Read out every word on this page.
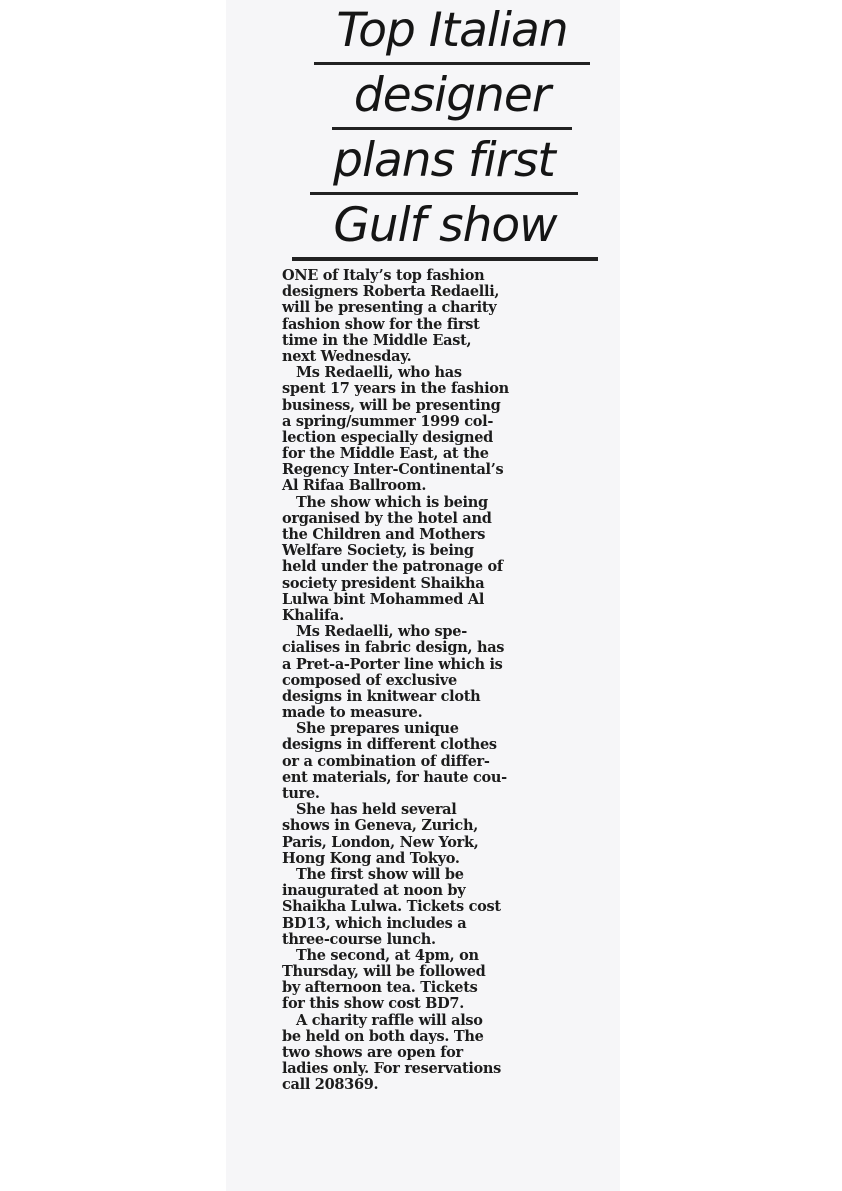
Top Italian
designer
plans first
Gulf show
ONE of Italy’s top fashion
designers Roberta Redaelli,
will be presenting a charity
fashion show for the first
time in the Middle East,
next Wednesday.
Ms Redaelli, who has
spent 17 years in the fashion
business, will be presenting
a spring/summer 1999 col-
lection especially designed
for the Middle East, at the
Regency Inter-Continental’s
Al Rifaa Ballroom.
The show which is being
organised by the hotel and
the Children and Mothers
Welfare Society, is being
held under the patronage of
society president Shaikha
Lulwa bint Mohammed Al
Khalifa.
Ms Redaelli, who spe-
cialises in fabric design, has
a Pret-a-Porter line which is
composed of exclusive
designs in knitwear cloth
made to measure.
She prepares unique
designs in different clothes
or a combination of differ-
ent materials, for haute cou-
ture.
She has held several
shows in Geneva, Zurich,
Paris, London, New York,
Hong Kong and Tokyo.
The first show will be
inaugurated at noon by
Shaikha Lulwa. Tickets cost
BD13, which includes a
three-course lunch.
The second, at 4pm, on
Thursday, will be followed
by afternoon tea. Tickets
for this show cost BD7.
A charity raffle will also
be held on both days. The
two shows are open for
ladies only. For reservations
call 208369.
